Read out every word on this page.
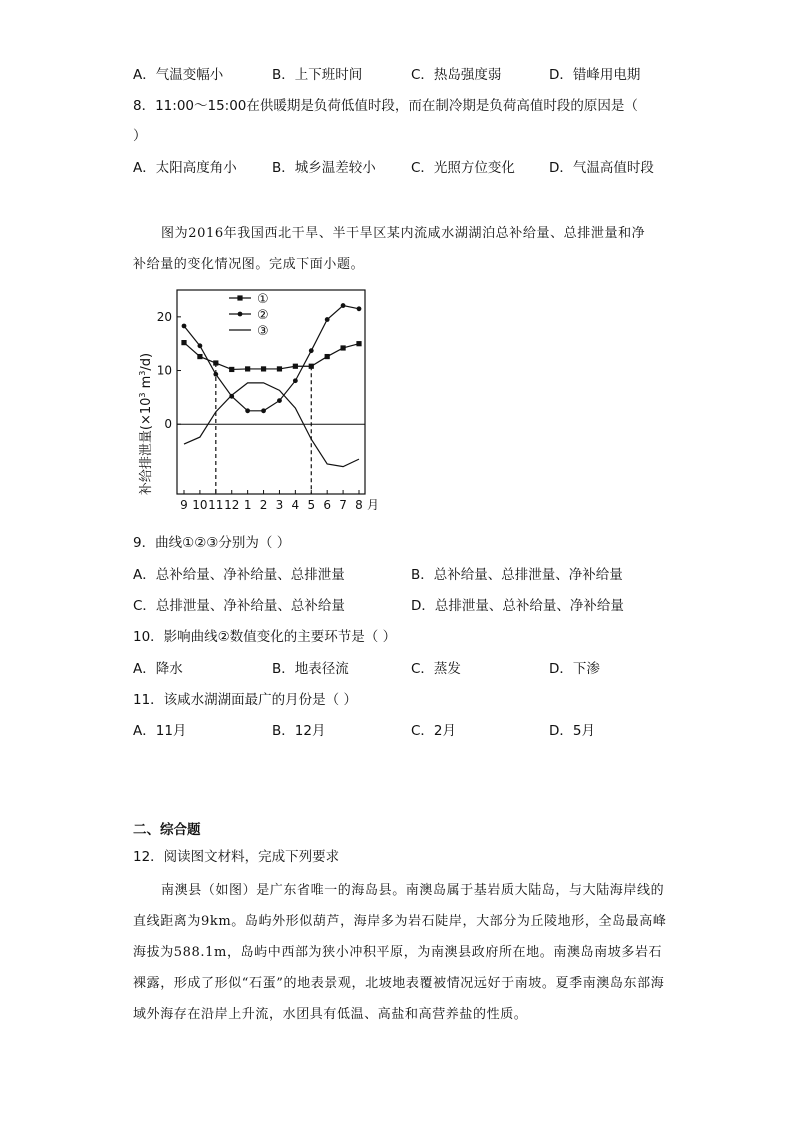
A．气温变幅小	B．上下班时间	C．热岛强度弱	D．错峰用电期
8．11:00～15:00在供暖期是负荷低值时段，而在制冷期是负荷高值时段的原因是（
）
A．太阳高度角小	B．城乡温差较小	C．光照方位变化	D．气温高值时段
图为2016年我国西北干旱、半干旱区某内流咸水湖湖泊总补给量、总排泄量和净
补给量的变化情况图。完成下面小题。
补给排泄量($\times 10^3$ $m^3/d$)
20
10
0
9 10 11 12 1 2 3 4 5 6 7 8 月
①
②
③
9．曲线①②③分别为（ ）
A．总补给量、净补给量、总排泄量	B．总补给量、总排泄量、净补给量
C．总排泄量、净补给量、总补给量	D．总排泄量、总补给量、净补给量
10．影响曲线②数值变化的主要环节是（ ）
A．降水	B．地表径流	C．蒸发	D．下渗
11．该咸水湖湖面最广的月份是（ ）
A．11月	B．12月	C．2月	D．5月
二、综合题
12．阅读图文材料，完成下列要求
南澳县（如图）是广东省唯一的海岛县。南澳岛属于基岩质大陆岛，与大陆海岸线的直线距离为9km。岛屿外形似葫芦，海岸多为岩石陡岸，大部分为丘陵地形，全岛最高峰海拔为588.1m，岛屿中西部为狭小冲积平原，为南澳县政府所在地。南澳岛南坡多岩石裸露，形成了形似“石蛋”的地表景观，北坡地表覆被情况远好于南坡。夏季南澳岛东部海域外海存在沿岸上升流，水团具有低温、高盐和高营养盐的性质。
